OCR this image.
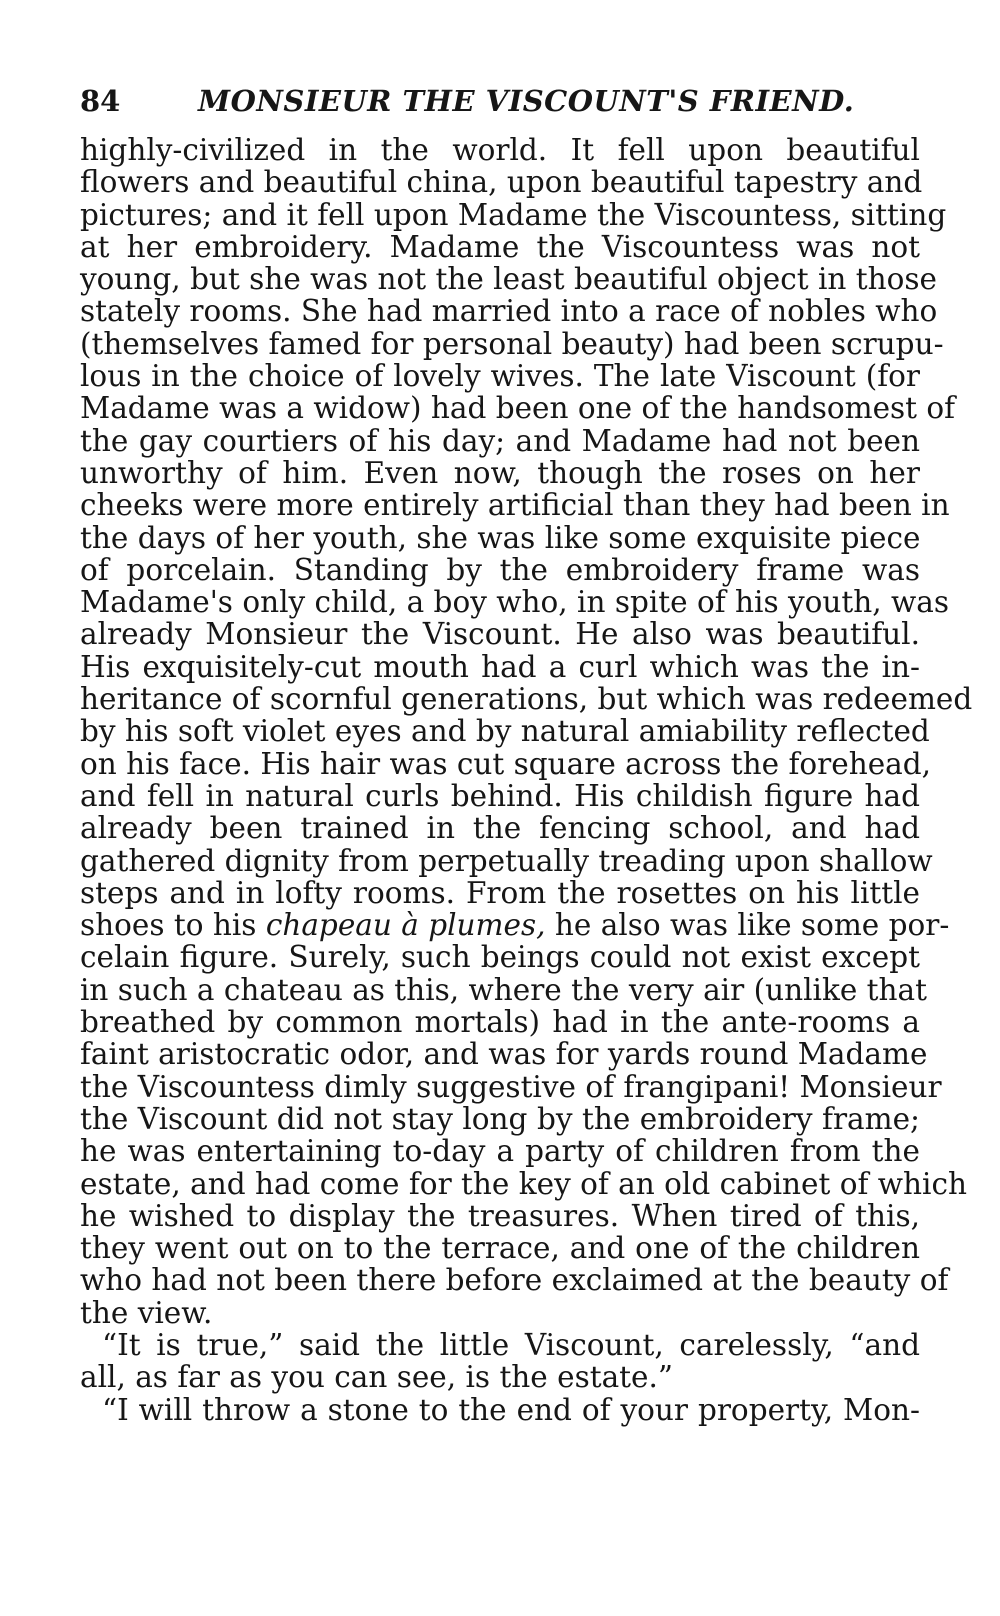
84	MONSIEUR THE VISCOUNT'S FRIEND.
highly-civilized in the world. It fell upon beautiful
flowers and beautiful china, upon beautiful tapestry and
pictures; and it fell upon Madame the Viscountess, sitting
at her embroidery. Madame the Viscountess was not
young, but she was not the least beautiful object in those
stately rooms. She had married into a race of nobles who
(themselves famed for personal beauty) had been scrupu-
lous in the choice of lovely wives. The late Viscount (for
Madame was a widow) had been one of the handsomest of
the gay courtiers of his day; and Madame had not been
unworthy of him. Even now, though the roses on her
cheeks were more entirely artificial than they had been in
the days of her youth, she was like some exquisite piece
of porcelain. Standing by the embroidery frame was
Madame's only child, a boy who, in spite of his youth, was
already Monsieur the Viscount. He also was beautiful.
His exquisitely-cut mouth had a curl which was the in-
heritance of scornful generations, but which was redeemed
by his soft violet eyes and by natural amiability reflected
on his face. His hair was cut square across the forehead,
and fell in natural curls behind. His childish figure had
already been trained in the fencing school, and had
gathered dignity from perpetually treading upon shallow
steps and in lofty rooms. From the rosettes on his little
shoes to his chapeau à plumes, he also was like some por-
celain figure. Surely, such beings could not exist except
in such a chateau as this, where the very air (unlike that
breathed by common mortals) had in the ante-rooms a
faint aristocratic odor, and was for yards round Madame
the Viscountess dimly suggestive of frangipani! Monsieur
the Viscount did not stay long by the embroidery frame;
he was entertaining to-day a party of children from the
estate, and had come for the key of an old cabinet of which
he wished to display the treasures. When tired of this,
they went out on to the terrace, and one of the children
who had not been there before exclaimed at the beauty of
the view.
“It is true,” said the little Viscount, carelessly, “and
all, as far as you can see, is the estate.”
“I will throw a stone to the end of your property, Mon-
